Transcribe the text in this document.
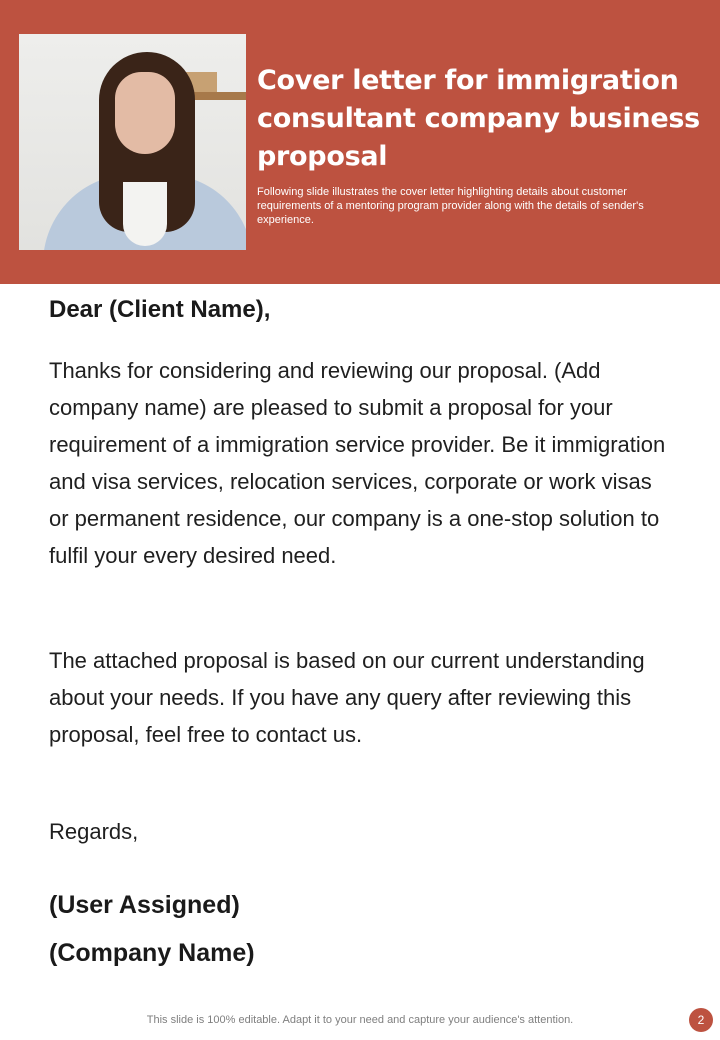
Cover letter for immigration consultant company business proposal

Following slide illustrates the cover letter highlighting details about customer requirements of a mentoring program provider along with the details of sender's experience.

Dear (Client Name),

Thanks for considering and reviewing our proposal. (Add company name) are pleased to submit a proposal for your requirement of a immigration service provider. Be it immigration and visa services, relocation services, corporate or work visas or permanent residence, our company is a one-stop solution to fulfil your every desired need.

The attached proposal is based on our current understanding about your needs. If you have any query after reviewing this proposal, feel free to contact us.

Regards,

(User Assigned)

(Company Name)

This slide is 100% editable. Adapt it to your need and capture your audience's attention.	2
